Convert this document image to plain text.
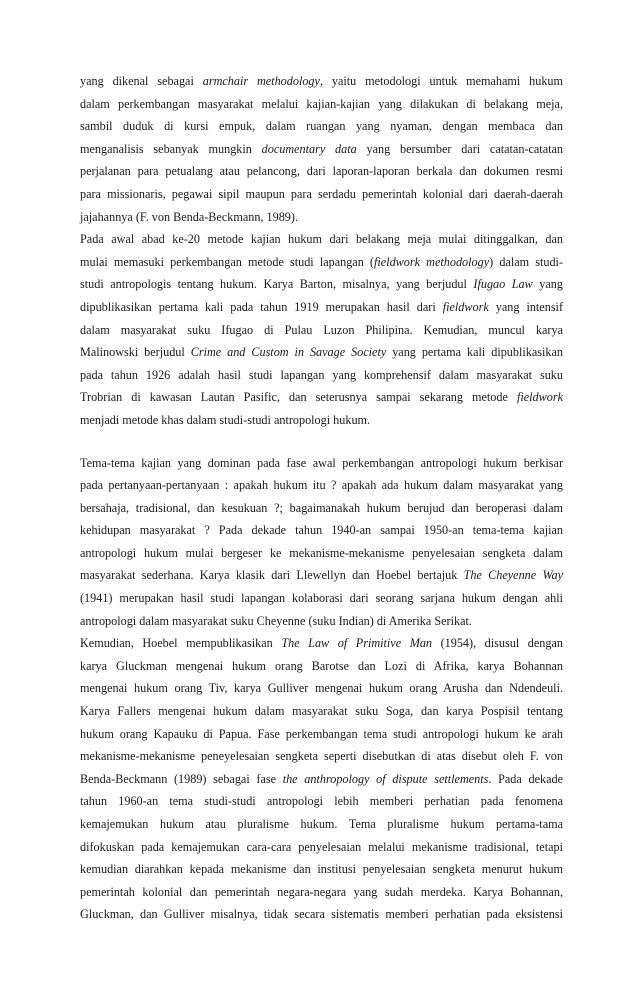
yang dikenal sebagai armchair methodology, yaitu metodologi untuk memahami hukum
dalam perkembangan masyarakat melalui kajian-kajian yang dilakukan di belakang meja,
sambil duduk di kursi empuk, dalam ruangan yang nyaman, dengan membaca dan
menganalisis sebanyak mungkin documentary data yang bersumber dari catatan-catatan
perjalanan para petualang atau pelancong, dari laporan-laporan berkala dan dokumen resmi
para missionaris, pegawai sipil maupun para serdadu pemerintah kolonial dari daerah-daerah
jajahannya (F. von Benda-Beckmann, 1989).
Pada awal abad ke-20 metode kajian hukum dari belakang meja mulai ditinggalkan, dan
mulai memasuki perkembangan metode studi lapangan (fieldwork methodology) dalam studi-
studi antropologis tentang hukum. Karya Barton, misalnya, yang berjudul Ifugao Law yang
dipublikasikan pertama kali pada tahun 1919 merupakan hasil dari fieldwork yang intensif
dalam masyarakat suku Ifugao di Pulau Luzon Philipina. Kemudian, muncul karya
Malinowski berjudul Crime and Custom in Savage Society yang pertama kali dipublikasikan
pada tahun 1926 adalah hasil studi lapangan yang komprehensif dalam masyarakat suku
Trobrian di kawasan Lautan Pasific, dan seterusnya sampai sekarang metode fieldwork
menjadi metode khas dalam studi-studi antropologi hukum.
Tema-tema kajian yang dominan pada fase awal perkembangan antropologi hukum berkisar
pada pertanyaan-pertanyaan : apakah hukum itu ? apakah ada hukum dalam masyarakat yang
bersahaja, tradisional, dan kesukuan ?; bagaimanakah hukum berujud dan beroperasi dalam
kehidupan masyarakat ? Pada dekade tahun 1940-an sampai 1950-an tema-tema kajian
antropologi hukum mulai bergeser ke mekanisme-mekanisme penyelesaian sengketa dalam
masyarakat sederhana. Karya klasik dari Llewellyn dan Hoebel bertajuk The Cheyenne Way
(1941) merupakan hasil studi lapangan kolaborasi dari seorang sarjana hukum dengan ahli
antropologi dalam masyarakat suku Cheyenne (suku Indian) di Amerika Serikat.
Kemudian, Hoebel mempublikasikan The Law of Primitive Man (1954), disusul dengan
karya Gluckman mengenai hukum orang Barotse dan Lozi di Afrika, karya Bohannan
mengenai hukum orang Tiv, karya Gulliver mengenai hukum orang Arusha dan Ndendeuli.
Karya Fallers mengenai hukum dalam masyarakat suku Soga, dan karya Pospisil tentang
hukum orang Kapauku di Papua. Fase perkembangan tema studi antropologi hukum ke arah
mekanisme-mekanisme peneyelesaian sengketa seperti disebutkan di atas disebut oleh F. von
Benda-Beckmann (1989) sebagai fase the anthropology of dispute settlements. Pada dekade
tahun 1960-an tema studi-studi antropologi lebih memberi perhatian pada fenomena
kemajemukan hukum atau pluralisme hukum. Tema pluralisme hukum pertama-tama
difokuskan pada kemajemukan cara-cara penyelesaian melalui mekanisme tradisional, tetapi
kemudian diarahkan kepada mekanisme dan institusi penyelesaian sengketa menurut hukum
pemerintah kolonial dan pemerintah negara-negara yang sudah merdeka. Karya Bohannan,
Gluckman, dan Gulliver misalnya, tidak secara sistematis memberi perhatian pada eksistensi
